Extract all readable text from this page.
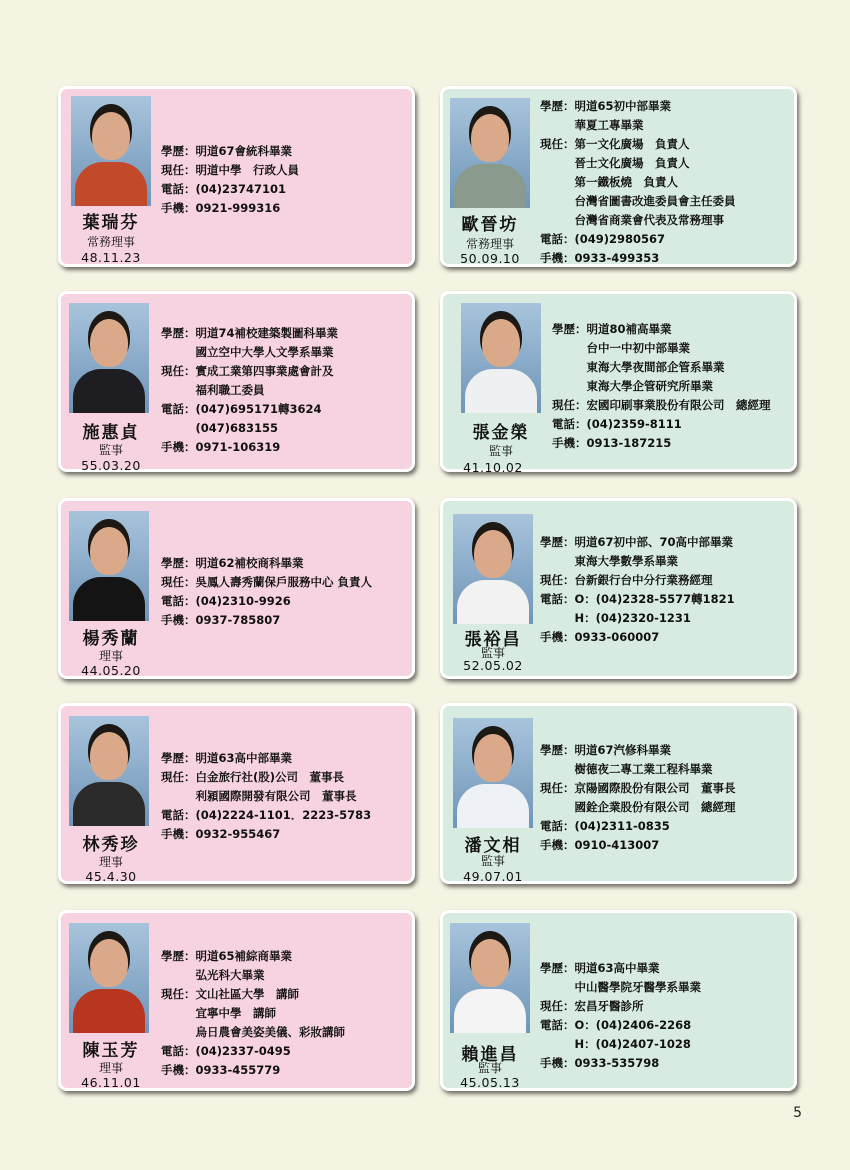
葉瑞芬
常務理事
48.11.23
學歷：明道67會統科畢業
現任：明道中學　行政人員
電話：(04)23747101
手機：0921-999316
施惠貞
監事
55.03.20
學歷：明道74補校建築製圖科畢業
　　　國立空中大學人文學系畢業
現任：實成工業第四事業處會計及
　　　福利職工委員
電話：(047)695171轉3624
　　　(047)683155
手機：0971-106319
楊秀蘭
理事
44.05.20
學歷：明道62補校商科畢業
現任：吳鳳人壽秀蘭保戶服務中心 負責人
電話：(04)2310-9926
手機：0937-785807
林秀珍
理事
45.4.30
學歷：明道63高中部畢業
現任：白金旅行社(股)公司　董事長
　　　利潁國際開發有限公司　董事長
電話：(04)2224-1101．2223-5783
手機：0932-955467
陳玉芳
理事
46.11.01
學歷：明道65補綜商畢業
　　　弘光科大畢業
現任：文山社區大學　講師
　　　宜寧中學　講師
　　　烏日農會美姿美儀、彩妝講師
電話：(04)2337-0495
手機：0933-455779
歐晉坊
常務理事
50.09.10
學歷：明道65初中部畢業
　　　華夏工專畢業
現任：第一文化廣場　負責人
　　　晉士文化廣場　負責人
　　　第一鐵板燒　負責人
　　　台灣省圖書改進委員會主任委員
　　　台灣省商業會代表及常務理事
電話：(049)2980567
手機：0933-499353
張金榮
監事
41.10.02
學歷：明道80補高畢業
　　　台中一中初中部畢業
　　　東海大學夜間部企管系畢業
　　　東海大學企管研究所畢業
現任：宏國印刷事業股份有限公司　總經理
電話：(04)2359-8111
手機：0913-187215
張裕昌
監事
52.05.02
學歷：明道67初中部、70高中部畢業
　　　東海大學數學系畢業
現任：台新銀行台中分行業務經理
電話：O：(04)2328-5577轉1821
　　　H：(04)2320-1231
手機：0933-060007
潘文相
監事
49.07.01
學歷：明道67汽修科畢業
　　　樹德夜二專工業工程科畢業
現任：京陽國際股份有限公司　董事長
　　　國銓企業股份有限公司　總經理
電話：(04)2311-0835
手機：0910-413007
賴進昌
監事
45.05.13
學歷：明道63高中畢業
　　　中山醫學院牙醫學系畢業
現任：宏昌牙醫診所
電話：O：(04)2406-2268
　　　H：(04)2407-1028
手機：0933-535798
5
